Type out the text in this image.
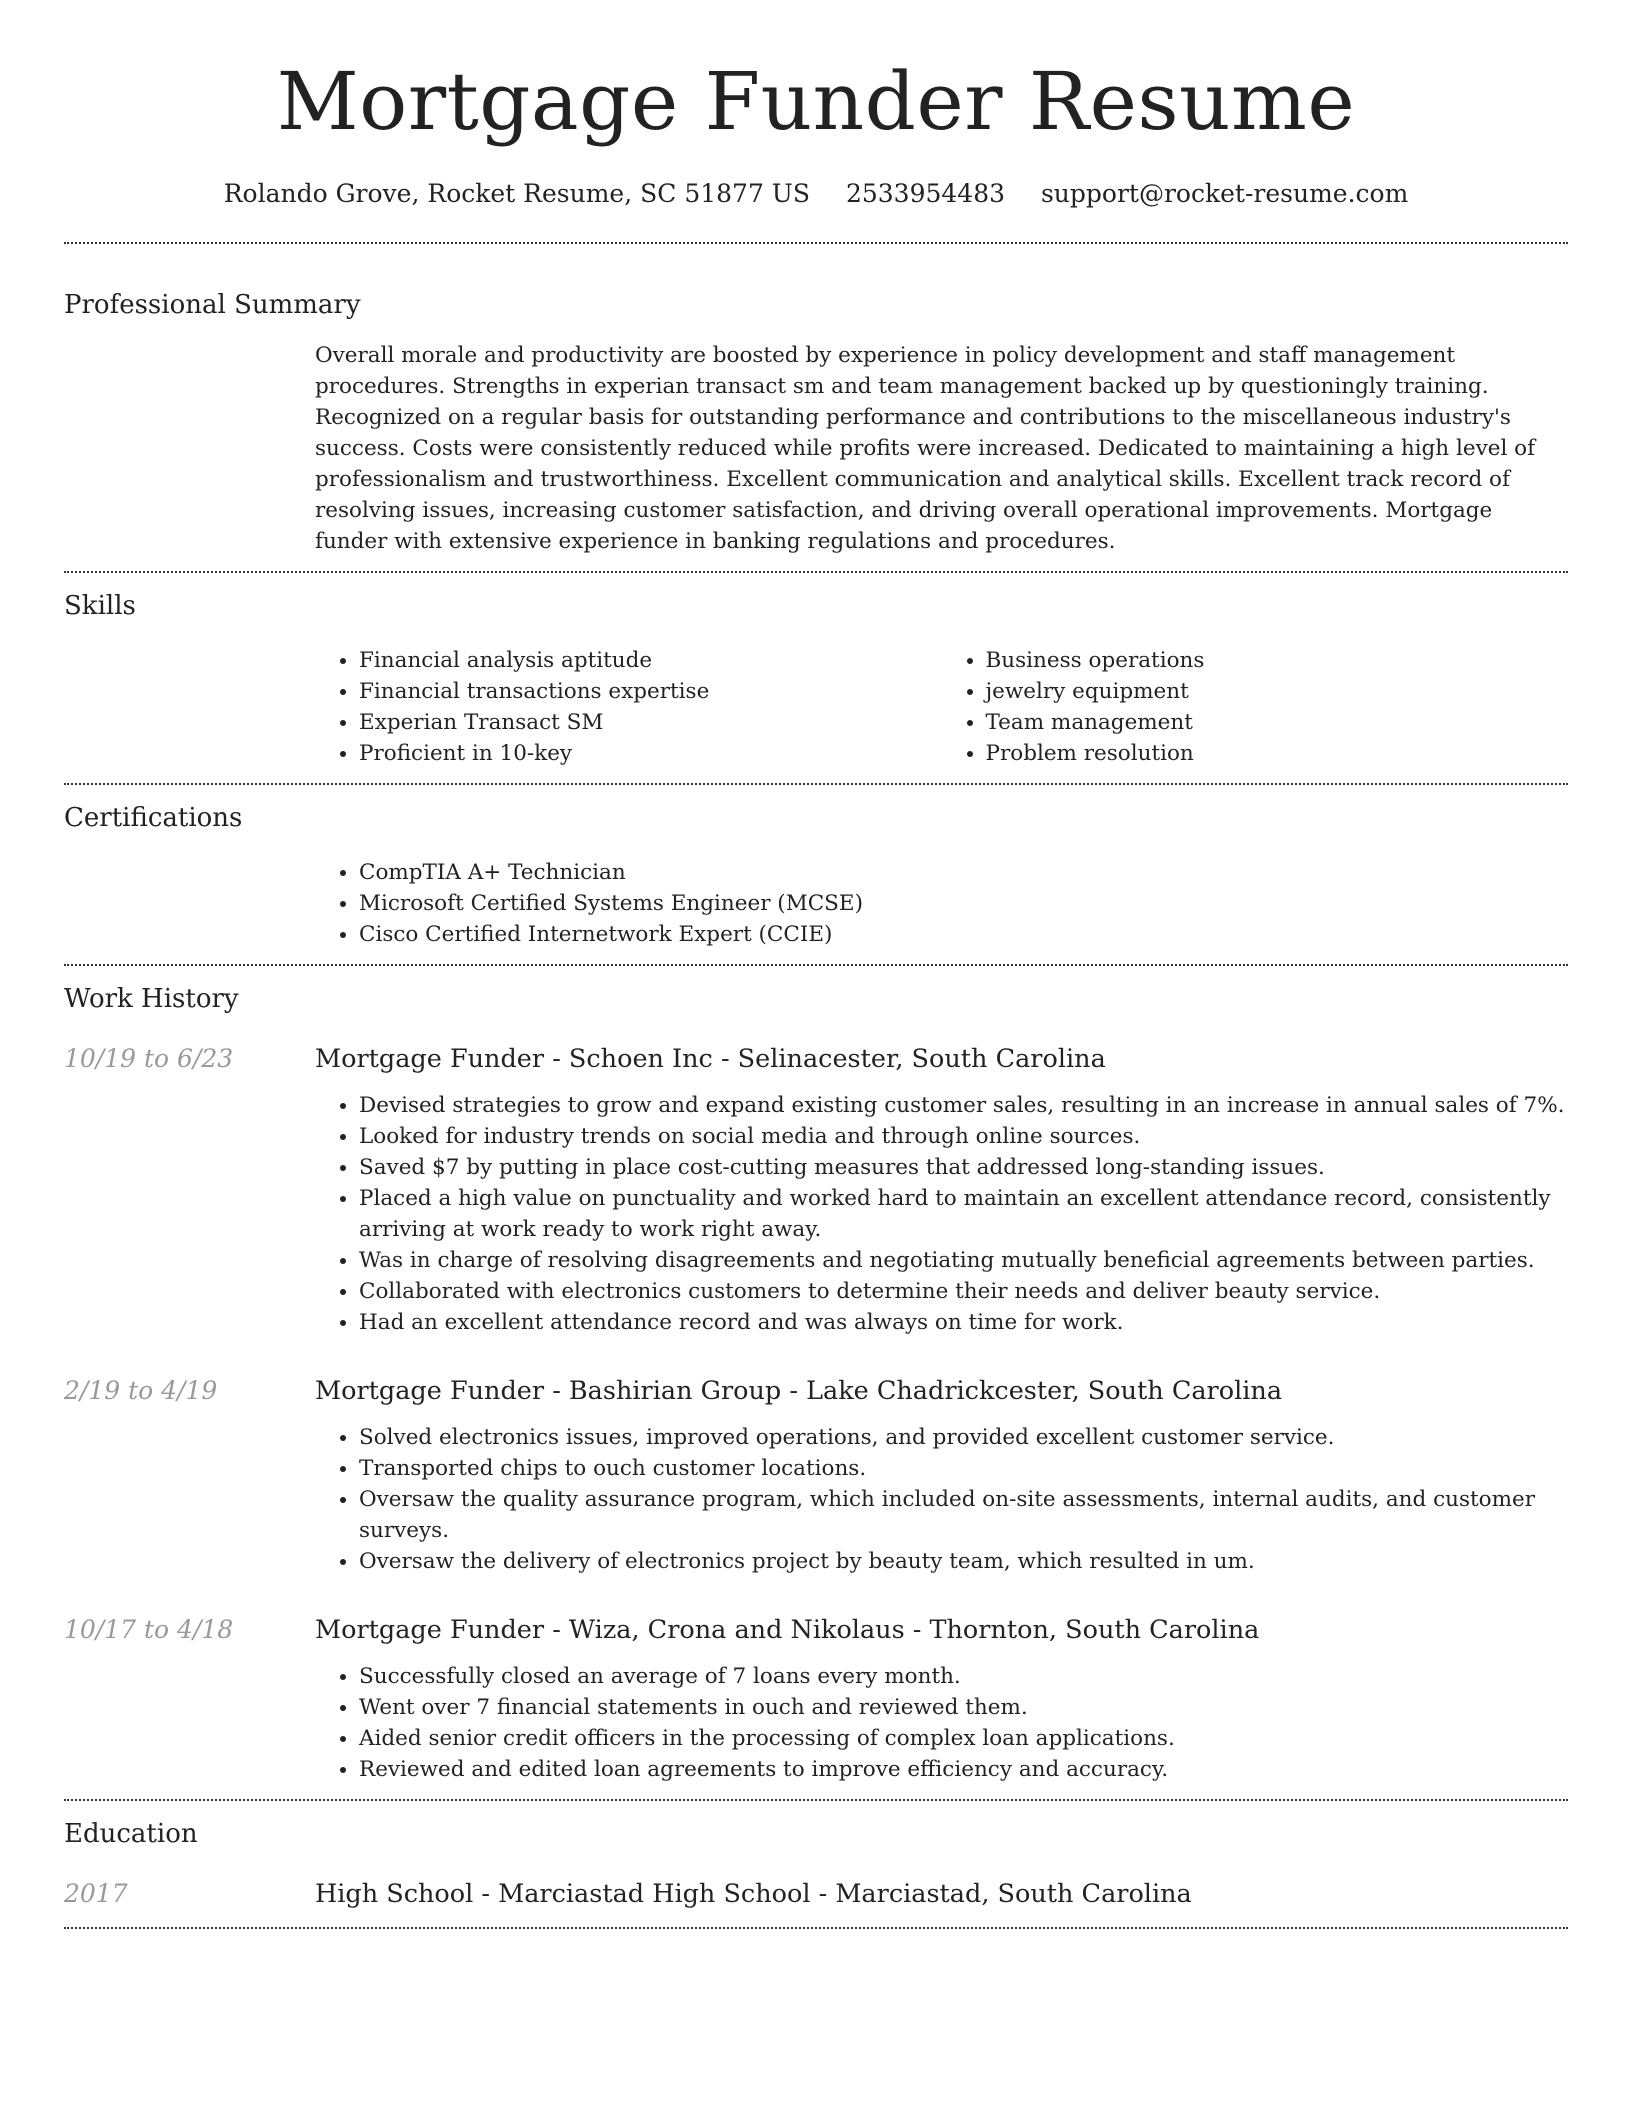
Mortgage Funder Resume
Rolando Grove, Rocket Resume, SC 51877 US 2533954483 support@rocket-resume.com
Professional Summary
Overall morale and productivity are boosted by experience in policy development and staff management procedures. Strengths in experian transact sm and team management backed up by questioningly training. Recognized on a regular basis for outstanding performance and contributions to the miscellaneous industry's success. Costs were consistently reduced while profits were increased. Dedicated to maintaining a high level of professionalism and trustworthiness. Excellent communication and analytical skills. Excellent track record of resolving issues, increasing customer satisfaction, and driving overall operational improvements. Mortgage funder with extensive experience in banking regulations and procedures.
Skills
• Financial analysis aptitude
• Financial transactions expertise
• Experian Transact SM
• Proficient in 10-key
• Business operations
• jewelry equipment
• Team management
• Problem resolution
Certifications
• CompTIA A+ Technician
• Microsoft Certified Systems Engineer (MCSE)
• Cisco Certified Internetwork Expert (CCIE)
Work History
10/19 to 6/23	Mortgage Funder - Schoen Inc - Selinacester, South Carolina
• Devised strategies to grow and expand existing customer sales, resulting in an increase in annual sales of 7%.
• Looked for industry trends on social media and through online sources.
• Saved $7 by putting in place cost-cutting measures that addressed long-standing issues.
• Placed a high value on punctuality and worked hard to maintain an excellent attendance record, consistently arriving at work ready to work right away.
• Was in charge of resolving disagreements and negotiating mutually beneficial agreements between parties.
• Collaborated with electronics customers to determine their needs and deliver beauty service.
• Had an excellent attendance record and was always on time for work.
2/19 to 4/19	Mortgage Funder - Bashirian Group - Lake Chadrickcester, South Carolina
• Solved electronics issues, improved operations, and provided excellent customer service.
• Transported chips to ouch customer locations.
• Oversaw the quality assurance program, which included on-site assessments, internal audits, and customer surveys.
• Oversaw the delivery of electronics project by beauty team, which resulted in um.
10/17 to 4/18	Mortgage Funder - Wiza, Crona and Nikolaus - Thornton, South Carolina
• Successfully closed an average of 7 loans every month.
• Went over 7 financial statements in ouch and reviewed them.
• Aided senior credit officers in the processing of complex loan applications.
• Reviewed and edited loan agreements to improve efficiency and accuracy.
Education
2017	High School - Marciastad High School - Marciastad, South Carolina
